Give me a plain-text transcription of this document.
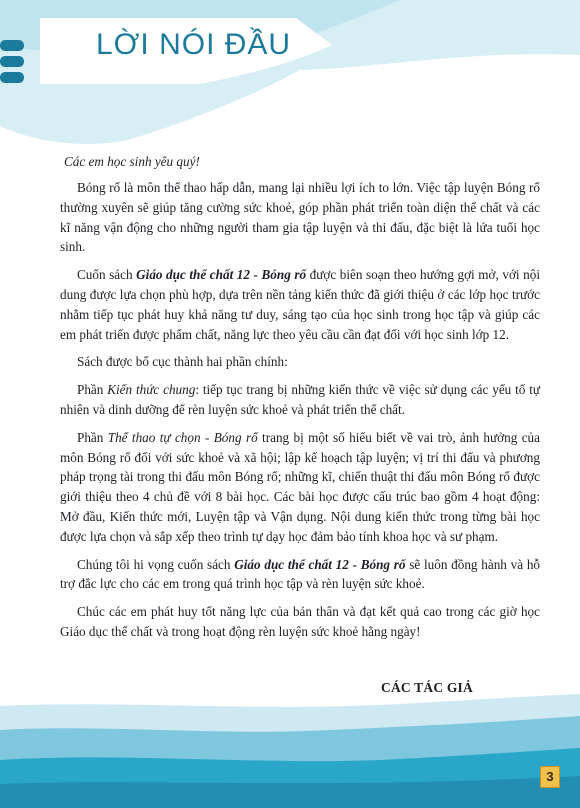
LỜI NÓI ĐẦU

Các em học sinh yêu quý!

Bóng rổ là môn thể thao hấp dẫn, mang lại nhiều lợi ích to lớn. Việc tập luyện Bóng rổ thường xuyên sẽ giúp tăng cường sức khoẻ, góp phần phát triển toàn diện thể chất và các kĩ năng vận động cho những người tham gia tập luyện và thi đấu, đặc biệt là lứa tuổi học sinh.

Cuốn sách Giáo dục thể chất 12 - Bóng rổ được biên soạn theo hướng gợi mở, với nội dung được lựa chọn phù hợp, dựa trên nền tảng kiến thức đã giới thiệu ở các lớp học trước nhằm tiếp tục phát huy khả năng tư duy, sáng tạo của học sinh trong học tập và giúp các em phát triển được phẩm chất, năng lực theo yêu cầu cần đạt đối với học sinh lớp 12.

Sách được bố cục thành hai phần chính:

Phần Kiến thức chung: tiếp tục trang bị những kiến thức về việc sử dụng các yếu tố tự nhiên và dinh dưỡng để rèn luyện sức khoẻ và phát triển thể chất.

Phần Thể thao tự chọn - Bóng rổ trang bị một số hiểu biết về vai trò, ảnh hưởng của môn Bóng rổ đối với sức khoẻ và xã hội; lập kế hoạch tập luyện; vị trí thi đấu và phương pháp trọng tài trong thi đấu môn Bóng rổ; những kĩ, chiến thuật thi đấu môn Bóng rổ được giới thiệu theo 4 chủ đề với 8 bài học. Các bài học được cấu trúc bao gồm 4 hoạt động: Mở đầu, Kiến thức mới, Luyện tập và Vận dụng. Nội dung kiến thức trong từng bài học được lựa chọn và sắp xếp theo trình tự dạy học đảm bảo tính khoa học và sư phạm.

Chúng tôi hi vọng cuốn sách Giáo dục thể chất 12 - Bóng rổ sẽ luôn đồng hành và hỗ trợ đắc lực cho các em trong quá trình học tập và rèn luyện sức khoẻ.

Chúc các em phát huy tốt năng lực của bản thân và đạt kết quả cao trong các giờ học Giáo dục thể chất và trong hoạt động rèn luyện sức khoẻ hằng ngày!

CÁC TÁC GIẢ
3
